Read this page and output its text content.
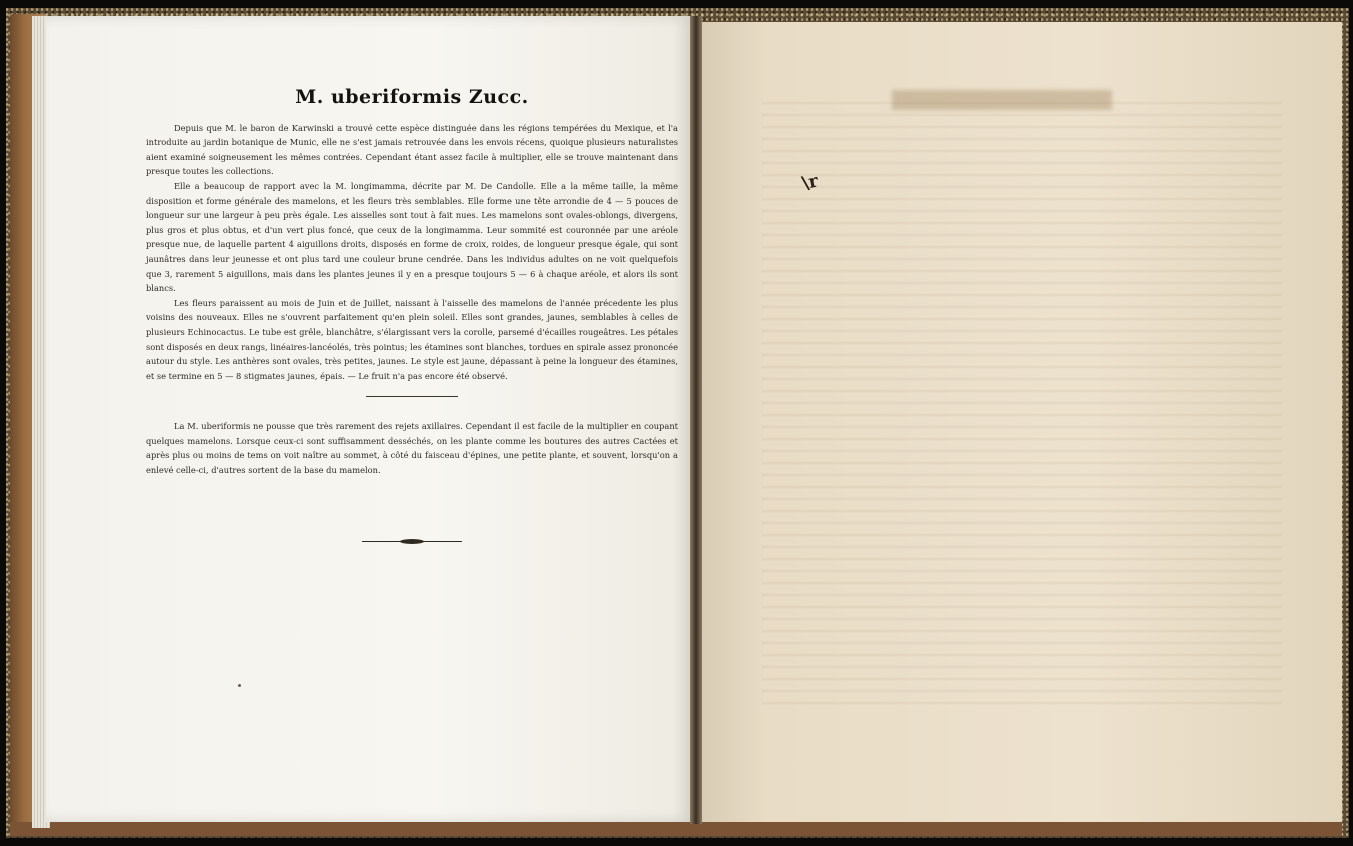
M. uberiformis Zucc.

Depuis que M. le baron de Karwinski a trouvé cette espèce distinguée dans les régions tempérées du Mexique, et l'a introduite au jardin botanique de Munic, elle ne s'est jamais retrouvée dans les envois récens, quoique plusieurs naturalistes aient examiné soigneusement les mêmes contrées. Cependant étant assez facile à multiplier, elle se trouve maintenant dans presque toutes les collections.

Elle a beaucoup de rapport avec la M. longimamma, décrite par M. De Candolle. Elle a la même taille, la même disposition et forme générale des mamelons, et les fleurs très semblables. Elle forme une tête arrondie de 4 — 5 pouces de longueur sur une largeur à peu près égale. Les aisselles sont tout à fait nues. Les mamelons sont ovales-oblongs, divergens, plus gros et plus obtus, et d'un vert plus foncé, que ceux de la longimamma. Leur sommité est couronnée par une aréole presque nue, de laquelle partent 4 aiguillons droits, disposés en forme de croix, roides, de longueur presque égale, qui sont jaunâtres dans leur jeunesse et ont plus tard une couleur brune cendrée. Dans les individus adultes on ne voit quelquefois que 3, rarement 5 aiguillons, mais dans les plantes jeunes il y en a presque toujours 5 — 6 à chaque aréole, et alors ils sont blancs.

Les fleurs paraissent au mois de Juin et de Juillet, naissant à l'aisselle des mamelons de l'année précedente les plus voisins des nouveaux. Elles ne s'ouvrent parfaitement qu'en plein soleil. Elles sont grandes, jaunes, semblables à celles de plusieurs Echinocactus. Le tube est grêle, blanchâtre, s'élargissant vers la corolle, parsemé d'écailles rougeâtres. Les pétales sont disposés en deux rangs, linéaires-lancéolés, très pointus; les étamines sont blanches, tordues en spirale assez prononcée autour du style. Les anthères sont ovales, très petites, jaunes. Le style est jaune, dépassant à peine la longueur des étamines, et se termine en 5 — 8 stigmates jaunes, épais. — Le fruit n'a pas encore été observé.

La M. uberiformis ne pousse que très rarement des rejets axillaires. Cependant il est facile de la multiplier en coupant quelques mamelons. Lorsque ceux-ci sont suffisamment desséchés, on les plante comme les boutures des autres Cactées et après plus ou moins de tems on voit naître au sommet, à côté du faisceau d'épines, une petite plante, et souvent, lorsqu'on a enlevé celle-ci, d'autres sortent de la base du mamelon.

\r
